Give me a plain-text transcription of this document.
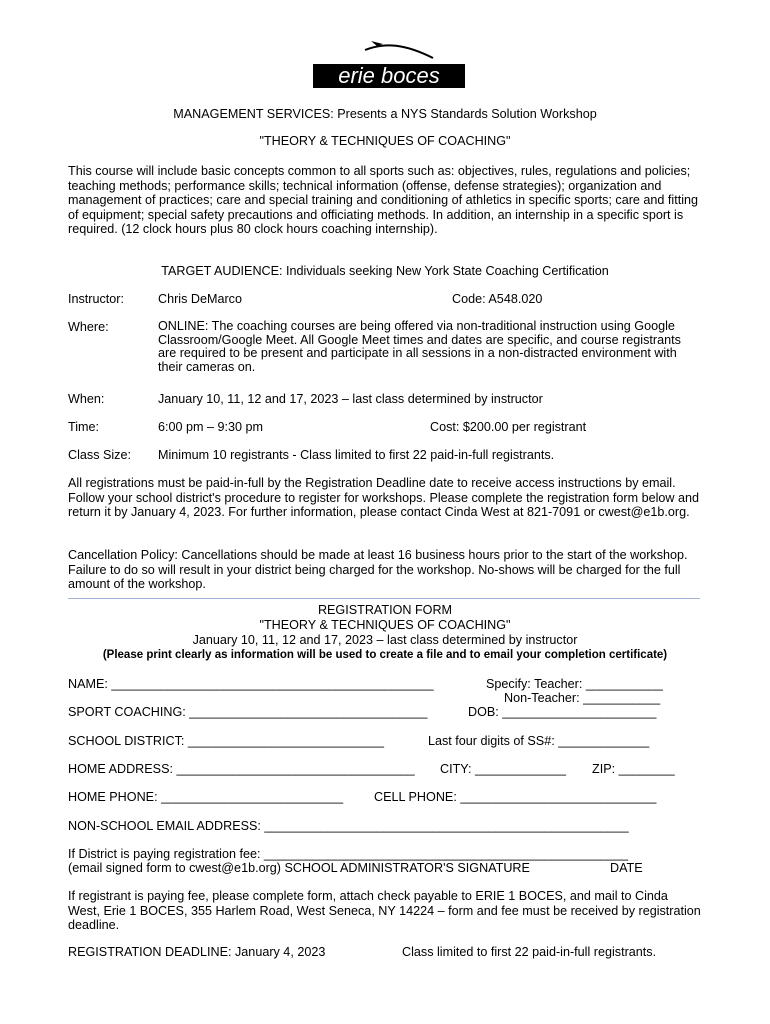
erie boces
MANAGEMENT SERVICES: Presents a NYS Standards Solution Workshop
"THEORY & TECHNIQUES OF COACHING"
This course will include basic concepts common to all sports such as: objectives, rules, regulations and policies; teaching methods; performance skills; technical information (offense, defense strategies); organization and management of practices; care and special training and conditioning of athletics in specific sports; care and fitting of equipment; special safety precautions and officiating methods. In addition, an internship in a specific sport is required. (12 clock hours plus 80 clock hours coaching internship).
TARGET AUDIENCE: Individuals seeking New York State Coaching Certification
Instructor:	Chris DeMarco	Code: A548.020
Where:	ONLINE: The coaching courses are being offered via non-traditional instruction using Google Classroom/Google Meet. All Google Meet times and dates are specific, and course registrants are required to be present and participate in all sessions in a non-distracted environment with their cameras on.
When:	January 10, 11, 12 and 17, 2023 – last class determined by instructor
Time:	6:00 pm – 9:30 pm	Cost: $200.00 per registrant
Class Size: Minimum 10 registrants - Class limited to first 22 paid-in-full registrants.
All registrations must be paid-in-full by the Registration Deadline date to receive access instructions by email. Follow your school district's procedure to register for workshops. Please complete the registration form below and return it by January 4, 2023. For further information, please contact Cinda West at 821-7091 or cwest@e1b.org.
Cancellation Policy: Cancellations should be made at least 16 business hours prior to the start of the workshop. Failure to do so will result in your district being charged for the workshop. No-shows will be charged for the full amount of the workshop.
REGISTRATION FORM
"THEORY & TECHNIQUES OF COACHING"
January 10, 11, 12 and 17, 2023 – last class determined by instructor
(Please print clearly as information will be used to create a file and to email your completion certificate)
NAME: ______________________________________________	Specify: Teacher: ___________
Non-Teacher: ___________
SPORT COACHING: __________________________________	DOB: ______________________
SCHOOL DISTRICT: ____________________________	Last four digits of SS#: _____________
HOME ADDRESS: __________________________________ CITY: _____________ ZIP: ________
HOME PHONE: __________________________ CELL PHONE: ____________________________
NON-SCHOOL EMAIL ADDRESS: ____________________________________________________
If District is paying registration fee: ____________________________________________________
(email signed form to cwest@e1b.org) SCHOOL ADMINISTRATOR'S SIGNATURE	DATE
If registrant is paying fee, please complete form, attach check payable to ERIE 1 BOCES, and mail to Cinda West, Erie 1 BOCES, 355 Harlem Road, West Seneca, NY 14224 – form and fee must be received by registration deadline.
REGISTRATION DEADLINE: January 4, 2023	Class limited to first 22 paid-in-full registrants.
